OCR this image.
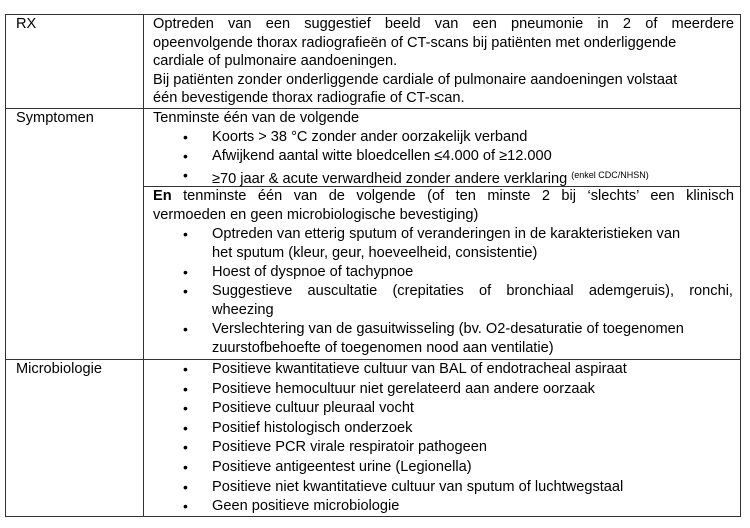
RX	Optreden van een suggestief beeld van een pneumonie in 2 of meerdere
opeenvolgende thorax radiografieën of CT-scans bij patiënten met onderliggende
cardiale of pulmonaire aandoeningen.
Bij patiënten zonder onderliggende cardiale of pulmonaire aandoeningen volstaat
één bevestigende thorax radiografie of CT-scan.
Symptomen	Tenminste één van de volgende
• Koorts > 38 °C zonder ander oorzakelijk verband
• Afwijkend aantal witte bloedcellen ≤4.000 of ≥12.000
• ≥70 jaar & acute verwardheid zonder andere verklaring $^{(enkel CDC/NHSN)}$
En tenminste één van de volgende (of ten minste 2 bij ‘slechts’ een klinisch
vermoeden en geen microbiologische bevestiging)
• Optreden van etterig sputum of veranderingen in de karakteristieken van
het sputum (kleur, geur, hoeveelheid, consistentie)
• Hoest of dyspnoe of tachypnoe
• Suggestieve auscultatie (crepitaties of bronchiaal ademgeruis), ronchi,
wheezing
• Verslechtering van de gasuitwisseling (bv. O2-desaturatie of toegenomen
zuurstofbehoefte of toegenomen nood aan ventilatie)
Microbiologie	• Positieve kwantitatieve cultuur van BAL of endotracheal aspiraat
• Positieve hemocultuur niet gerelateerd aan andere oorzaak
• Positieve cultuur pleuraal vocht
• Positief histologisch onderzoek
• Positieve PCR virale respiratoir pathogeen
• Positieve antigeentest urine (Legionella)
• Positieve niet kwantitatieve cultuur van sputum of luchtwegstaal
• Geen positieve microbiologie
